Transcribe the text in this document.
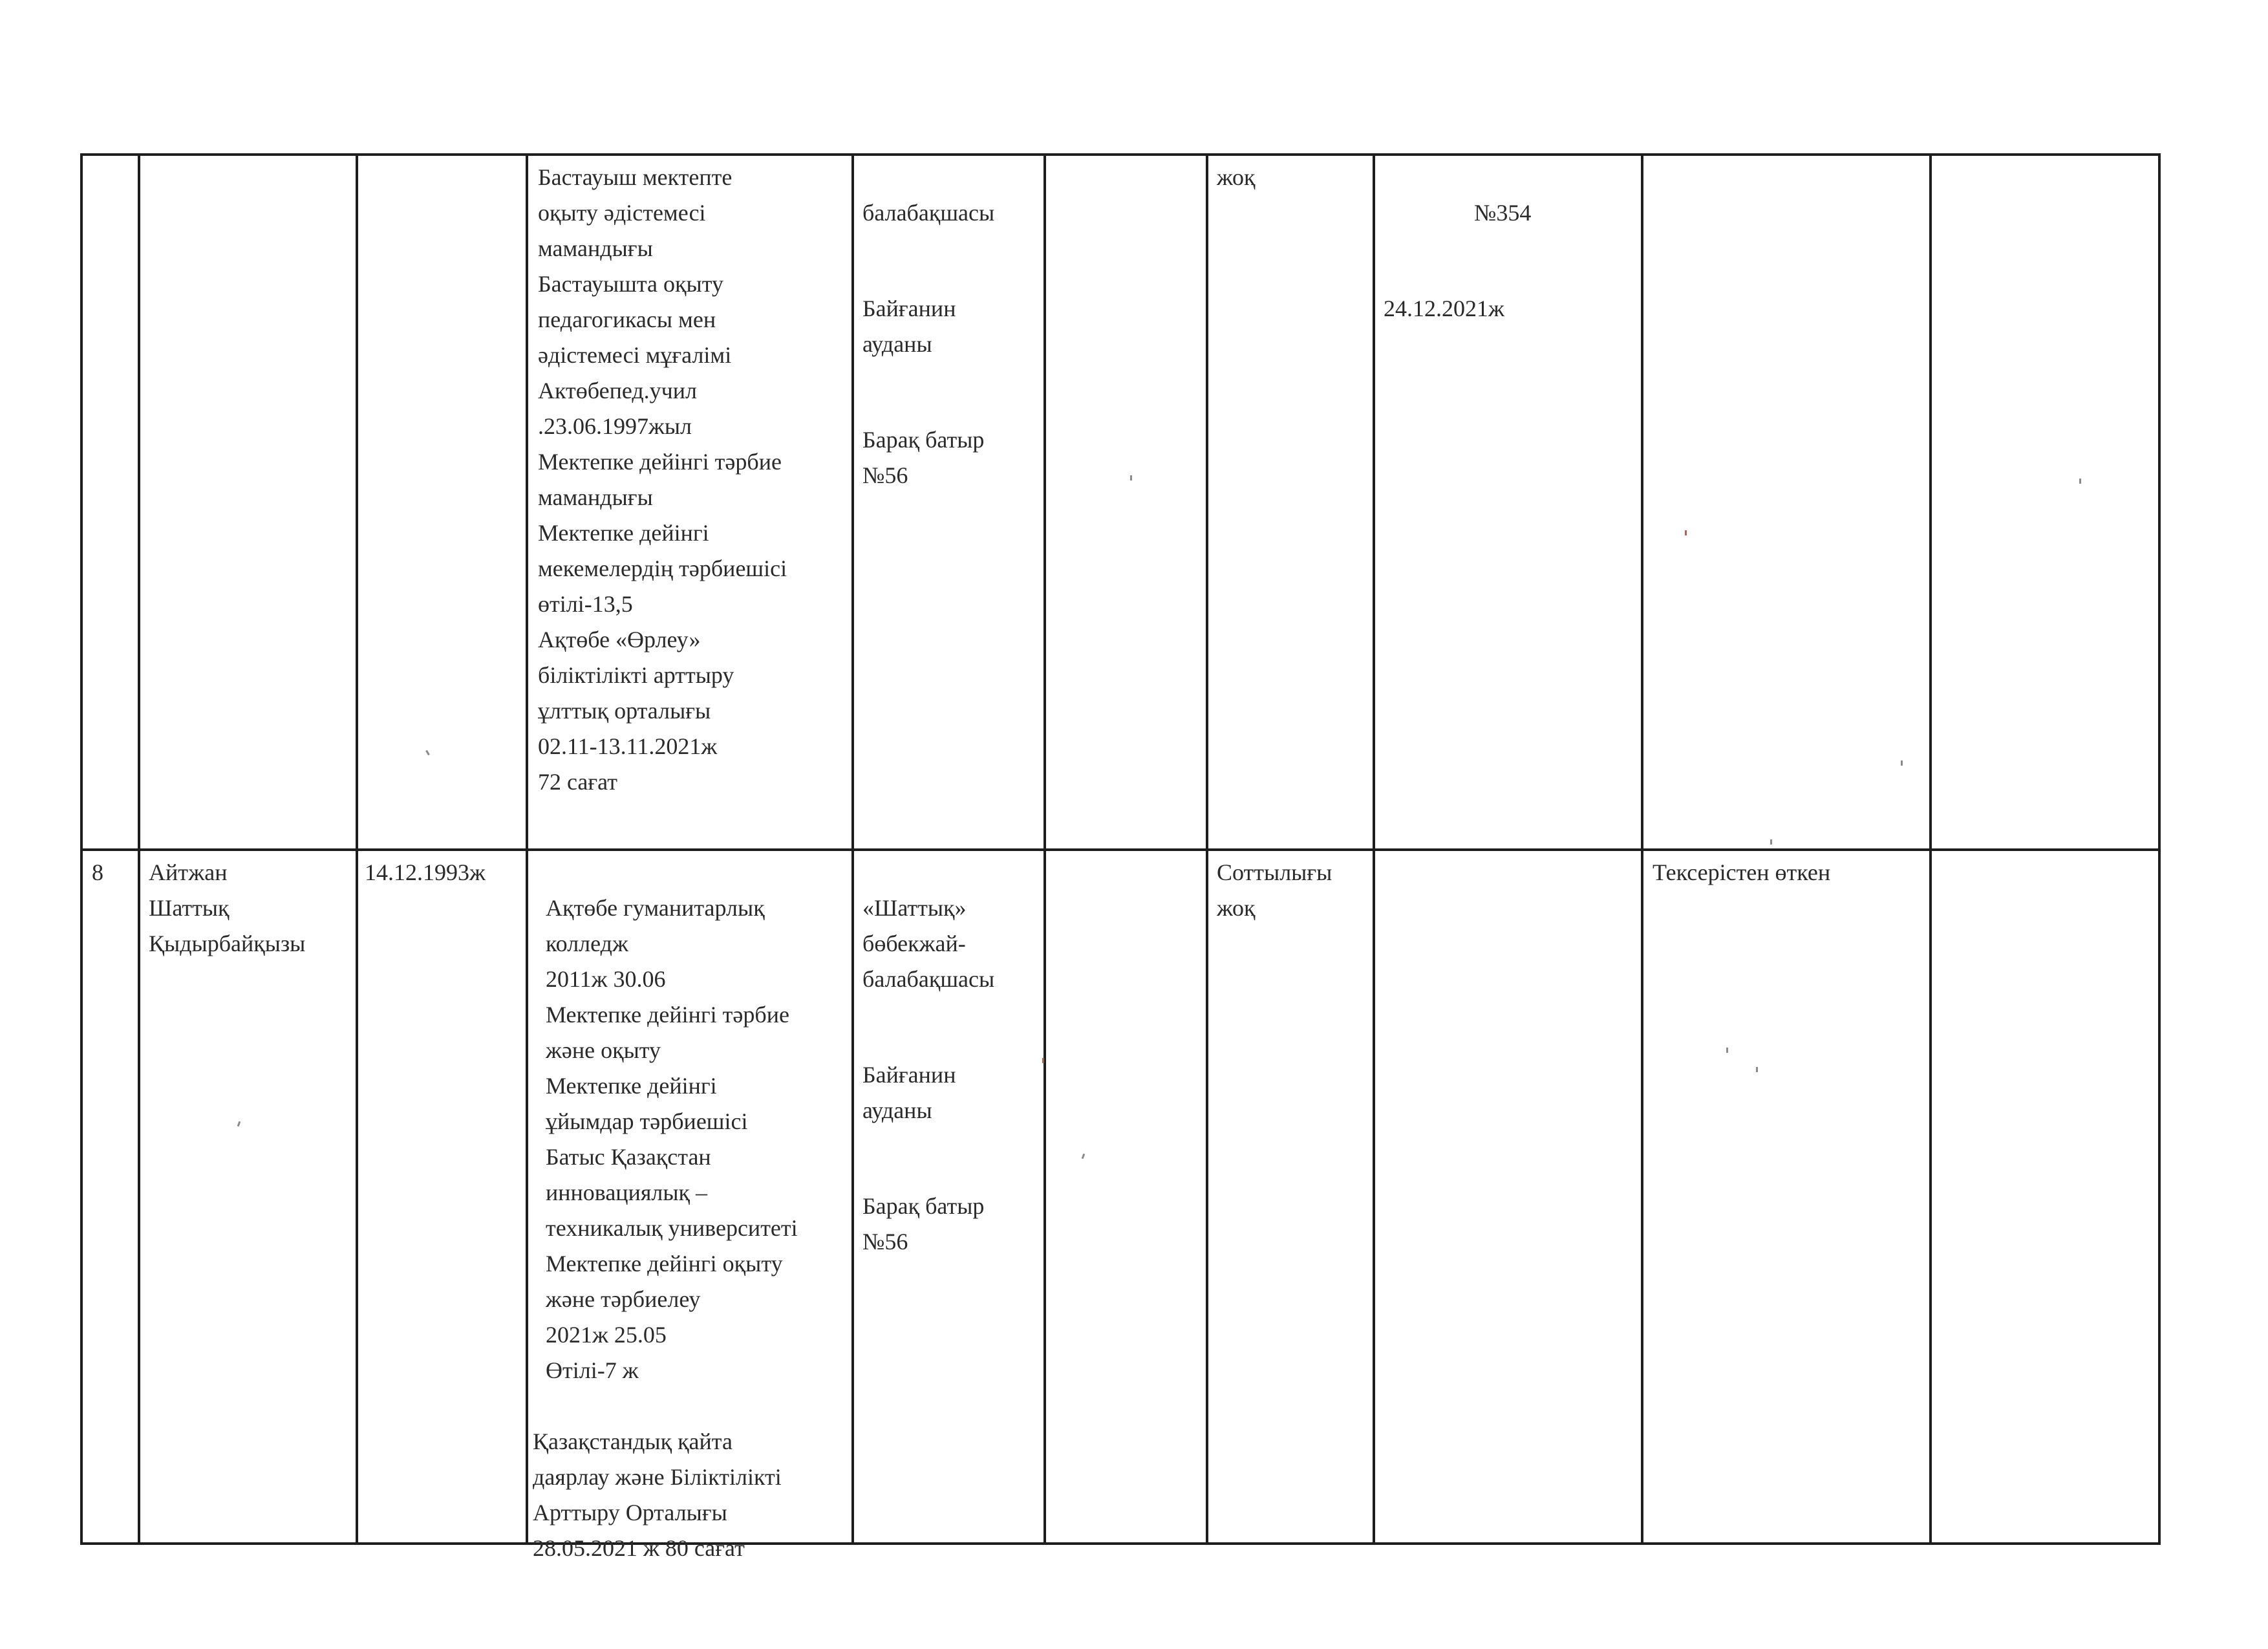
Бастауыш мектепте
оқыту әдістемесі
мамандығы
Бастауышта оқыту
педагогикасы мен
әдістемесі мұғалімі
Актөбепед.учил
.23.06.1997жыл
Мектепке дейінгі тәрбие
мамандығы
Мектепке дейінгі
мекемелердің тәрбиешісі
өтілі-13,5
Ақтөбе «Өрлеу»
біліктілікті арттыру
ұлттық орталығы
02.11-13.11.2021ж
72 сағат

балабақшасы

Байғанин
ауданы

Барақ батыр
№56

жоқ

№354

24.12.2021ж

8	Айтжан
Шаттық
Қыдырбайқызы
14.12.1993ж

Ақтөбе гуманитарлық
колледж
2011ж 30.06
Мектепке дейінгі тәрбие
және оқыту
Мектепке дейінгі
ұйымдар тәрбиешісі
Батыс Қазақстан
инновациялық –
техникалық университеті
Мектепке дейінгі оқыту
және тәрбиелеу
2021ж 25.05
Өтілі-7 ж

Қазақстандық қайта
даярлау және Біліктілікті
Арттыру Орталығы
28.05.2021 ж 80 сағат

«Шаттық»
бөбекжай-
балабақшасы

Байғанин
ауданы

Барақ батыр
№56

Соттылығы
жоқ
Тексерістен өткен
